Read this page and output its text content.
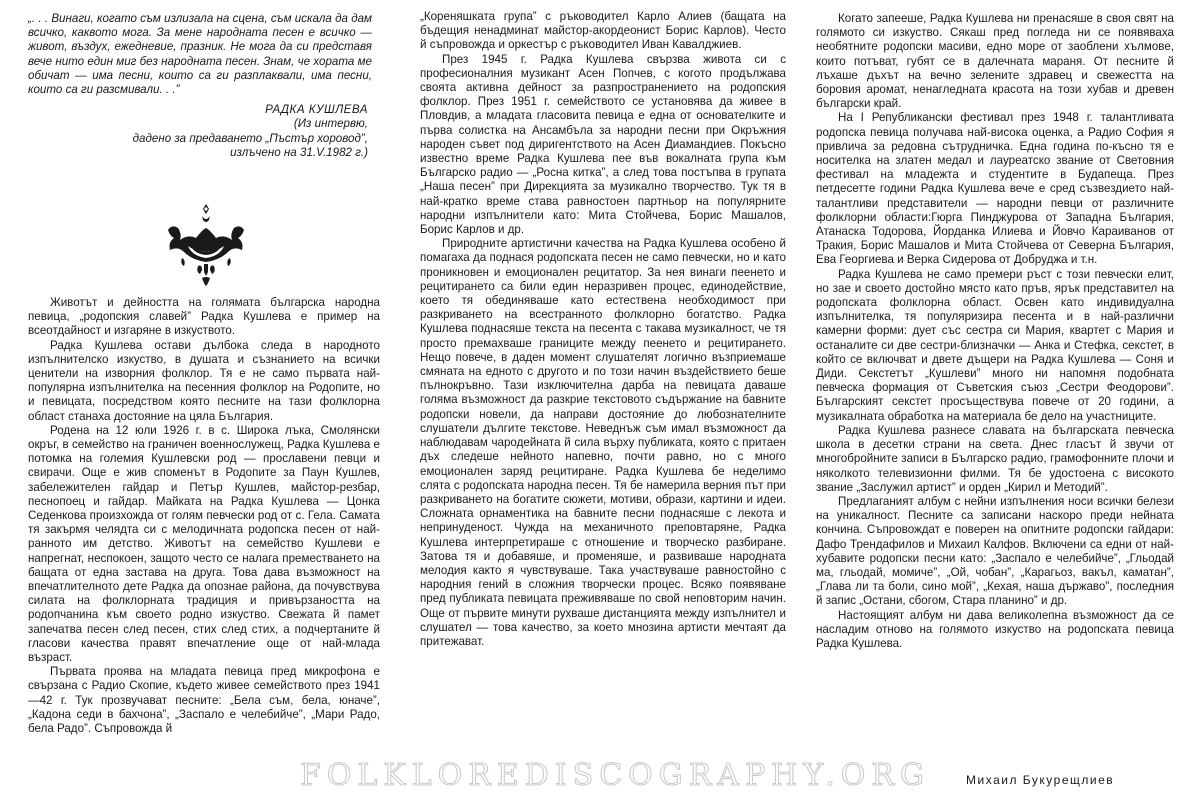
„. . . Винаги, когато съм излизала на сцена, съм искала да дам всичко, каквото мога. За мене народната песен е всичко — живот, въздух, ежедневие, празник. Не мога да си представя вече нито един миг без народната песен. Знам, че хората ме обичат — има песни, които са ги разплаквали, има песни, които са ги разсмивали. . .”

РАДКА КУШЛЕВА
(Из интервю,
дадено за предаването „Пъстър хоровод”,
излъчено на 31.V.1982 г.)

Животът и дейността на голямата българска народна певица, „родопския славей” Радка Кушлева е пример на всеотдайност и изгаряне в изкуството.

Радка Кушлева остави дълбока следа в народното изпълнителско изкуство, в душата и съзнанието на всички ценители на изворния фолклор. Тя е не само първата най-популярна изпълнителка на песенния фолклор на Родопите, но и певицата, посредством която песните на тази фолклорна област станаха достояние на цяла България.

Родена на 12 юли 1926 г. в с. Широка лъка, Смолянски окръг, в семейство на граничен военнослужещ, Радка Кушлева е потомка на големия Кушлевски род — прославени певци и свирачи. Още е жив споменът в Родопите за Паун Кушлев, забележителен гайдар и Петър Кушлев, майстор-резбар, песнопоец и гайдар. Майката на Радка Кушлева — Цонка Седенкова произхожда от голям певчески род от с. Гела. Самата тя закърмя челядта си с мелодичната родопска песен от най-ранното им детство. Животът на семейство Кушлеви е напрегнат, неспокоен, защото често се налага преместването на бащата от една застава на друга. Това дава възможност на впечатлителното дете Радка да опознае района, да почувствува силата на фолклорната традиция и привързаността на родопчанина към своето родно изкуство. Свежата й памет запечатва песен след песен, стих след стих, а подчертаните й гласови качества правят впечатление още от най-млада възраст.

Първата проява на младата певица пред микрофона е свързана с Радио Скопие, където живее семейството през 1941—42 г. Тук прозвучават песните: „Бела съм, бела, юначе”, „Кадона седи в бахчона”, „Заспало е челебийче”, „Мари Радо, бела Радо”. Съпровожда й

„Кореняшката група” с ръководител Карло Алиев (бащата на бъдещия ненадминат майстор-акордеонист Борис Карлов). Често й съпровожда и оркестър с ръководител Иван Кавалджиев.

През 1945 г. Радка Кушлева свързва живота си с професионалния музикант Асен Попчев, с когото продължава своята активна дейност за разпространението на родопския фолклор. През 1951 г. семейството се установява да живее в Пловдив, а младата гласовита певица е една от основателките и първа солистка на Ансамбъла за народни песни при Окръжния народен съвет под диригентството на Асен Диамандиев. Покъсно известно време Радка Кушлева пее във вокалната група към Българско радио — „Росна китка”, а след това постъпва в групата „Наша песен” при Дирекцията за музикално творчество. Тук тя в най-кратко време става равностоен партньор на популярните народни изпълнители като: Мита Стойчева, Борис Машалов, Борис Карлов и др.

Природните артистични качества на Радка Кушлева особено й помагаха да поднася родопската песен не само певчески, но и като проникновен и емоционален рецитатор. За нея винаги пеенето и рецитирането са били един неразривен процес, единодействие, което тя обединяваше като естествена необходимост при разкриването на всестранното фолклорно богатство. Радка Кушлева поднасяше текста на песента с такава музикалност, че тя просто премахваше границите между пеенето и рецитирането. Нещо повече, в даден момент слушателят логично възприемаше смяната на едното с другото и по този начин въздействието беше пълнокръвно. Тази изключителна дарба на певицата даваше голяма възможност да разкрие текстовото съдържание на бавните родопски новели, да направи достояние до любознателните слушатели дългите текстове. Неведнъж съм имал възможност да наблюдавам чародейната й сила върху публиката, която с притаен дъх следеше нейното напевно, почти равно, но с много емоционален заряд рецитиране. Радка Кушлева бе неделимо слята с родопската народна песен. Тя бе намерила верния път при разкриването на богатите сюжети, мотиви, образи, картини и идеи. Сложната орнаментика на бавните песни поднасяше с лекота и непринуденост. Чужда на механичното преповтаряне, Радка Кушлева интерпретираше с отношение и творческо разбиране. Затова тя и добавяше, и променяше, и развиваше народната мелодия както я чувствуваше. Така участвуваше равностойно с народния гений в сложния творчески процес. Всяко появяване пред публиката певицата преживяваше по свой неповторим начин. Още от първите минути рухваше дистанцията между изпълнител и слушател — това качество, за което мнозина артисти мечтаят да притежават.

Когато запееше, Радка Кушлева ни пренасяше в своя свят на голямото си изкуство. Сякаш пред погледа ни се появяваха необятните родопски масиви, едно море от заоблени хълмове, които потъват, губят се в далечната мараня. От песните й лъхаше дъхът на вечно зелените здравец и свежестта на боровия аромат, ненагледната красота на този хубав и древен български край.

На I Републикански фестивал през 1948 г. талантливата родопска певица получава най-висока оценка, а Радио София я привлича за редовна сътрудничка. Една година по-късно тя е носителка на златен медал и лауреатско звание от Световния фестивал на младежта и студентите в Будапеща. През петдесетте години Радка Кушлева вече е сред съзвездието най-талантливи представители — народни певци от различните фолклорни области:Гюрга Пинджурова от Западна България, Атанаска Тодорова, Йорданка Илиева и Йовчо Караиванов от Тракия, Борис Машалов и Мита Стойчева от Северна България, Ева Георгиева и Верка Сидерова от Добруджа и т.н.

Радка Кушлева не само премери ръст с този певчески елит, но зае и своето достойно място като пръв, ярък представител на родопската фолклорна област. Освен като индивидуална изпълнителка, тя популяризира песента и в най-различни камерни форми: дует със сестра си Мария, квартет с Мария и останалите си две сестри-близначки — Анка и Стефка, секстет, в който се включват и двете дъщери на Радка Кушлева — Соня и Диди. Секстетът „Кушлеви” много ни напомня подобната певческа формация от Съветския съюз „Сестри Феодорови”. Българският секстет просъществува повече от 20 години, а музикалната обработка на материала бе дело на участниците.

Радка Кушлева разнесе славата на българската певческа школа в десетки страни на света. Днес гласът й звучи от многобройните записи в Българско радио, грамофонните плочи и няколкото телевизионни филми. Тя бе удостоена с високото звание „Заслужил артист” и орден „Кирил и Методий”.

Предлаганият албум с нейни изпълнения носи всички белези на уникалност. Песните са записани наскоро преди нейната кончина. Съпровождат е поверен на опитните родопски гайдари: Дафо Трендафилов и Михаил Калфов. Включени са едни от най-хубавите родопски песни като: „Заспало е челебийче”, „Гльодай ма, гльодай, момиче”, „Ой, чобан”, „Карагьоз, вакъл, каматан”, „Глава ли та боли, сино мой”, „Кехая, наша държаво”, последния й запис „Остани, сбогом, Стара планино” и др.

Настоящият албум ни дава великолепна възможност да се насладим отново на голямото изкуство на родопската певица Радка Кушлева.

Михаил Букурещлиев
FOLKLOREDISCOGRAPHY.ORG
